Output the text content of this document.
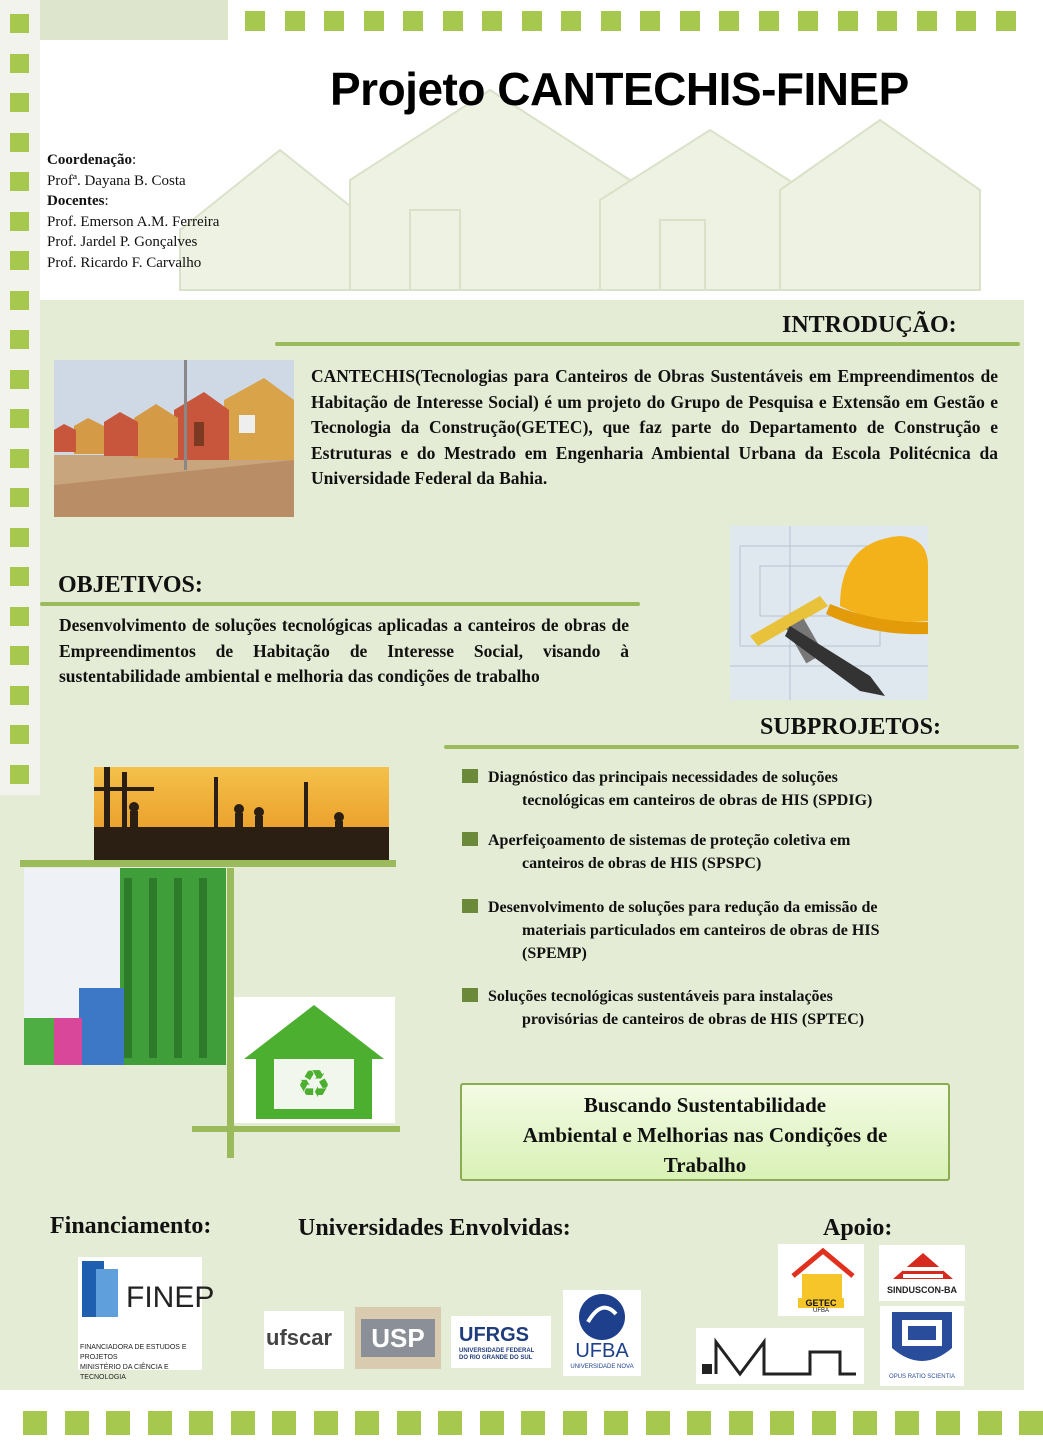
Projeto CANTECHIS-FINEP
Coordenação:
Profª. Dayana B. Costa
Docentes:
Prof. Emerson A.M. Ferreira
Prof. Jardel P. Gonçalves
Prof. Ricardo F. Carvalho
INTRODUÇÃO:
CANTECHIS(Tecnologias para Canteiros de Obras Sustentáveis em Empreendimentos de Habitação de Interesse Social) é um projeto do Grupo de Pesquisa e Extensão em Gestão e Tecnologia da Construção(GETEC), que faz parte do Departamento de Construção e Estruturas e do Mestrado em Engenharia Ambiental Urbana da Escola Politécnica da Universidade Federal da Bahia.
OBJETIVOS:
Desenvolvimento de soluções tecnológicas aplicadas a canteiros de obras de Empreendimentos de Habitação de Interesse Social, visando à sustentabilidade ambiental e melhoria das condições de trabalho
SUBPROJETOS:
Diagnóstico das principais necessidades de soluções
tecnológicas em canteiros de obras de HIS (SPDIG)
Aperfeiçoamento de sistemas de proteção coletiva em
canteiros de obras de HIS (SPSPC)
Desenvolvimento de soluções para redução da emissão de
materiais particulados em canteiros de obras de HIS
(SPEMP)
Soluções tecnológicas sustentáveis para instalações
provisórias de canteiros de obras de HIS (SPTEC)
♻	Buscando Sustentabilidade
Ambiental e Melhorias nas Condições de
Trabalho
Financiamento:	Universidades Envolvidas:	Apoio:
FINEP
FINANCIADORA DE ESTUDOS E PROJETOS
MINISTÉRIO DA CIÊNCIA E TECNOLOGIA
ufscar	USP	UFRGS
UNIVERSIDADE FEDERAL
DO RIO GRANDE DO SUL	UFBA
UNIVERSIDADE NOVA
GETEC
UFBA
SINDUSCON-BA
OPUS RATIO SCIENTIA
